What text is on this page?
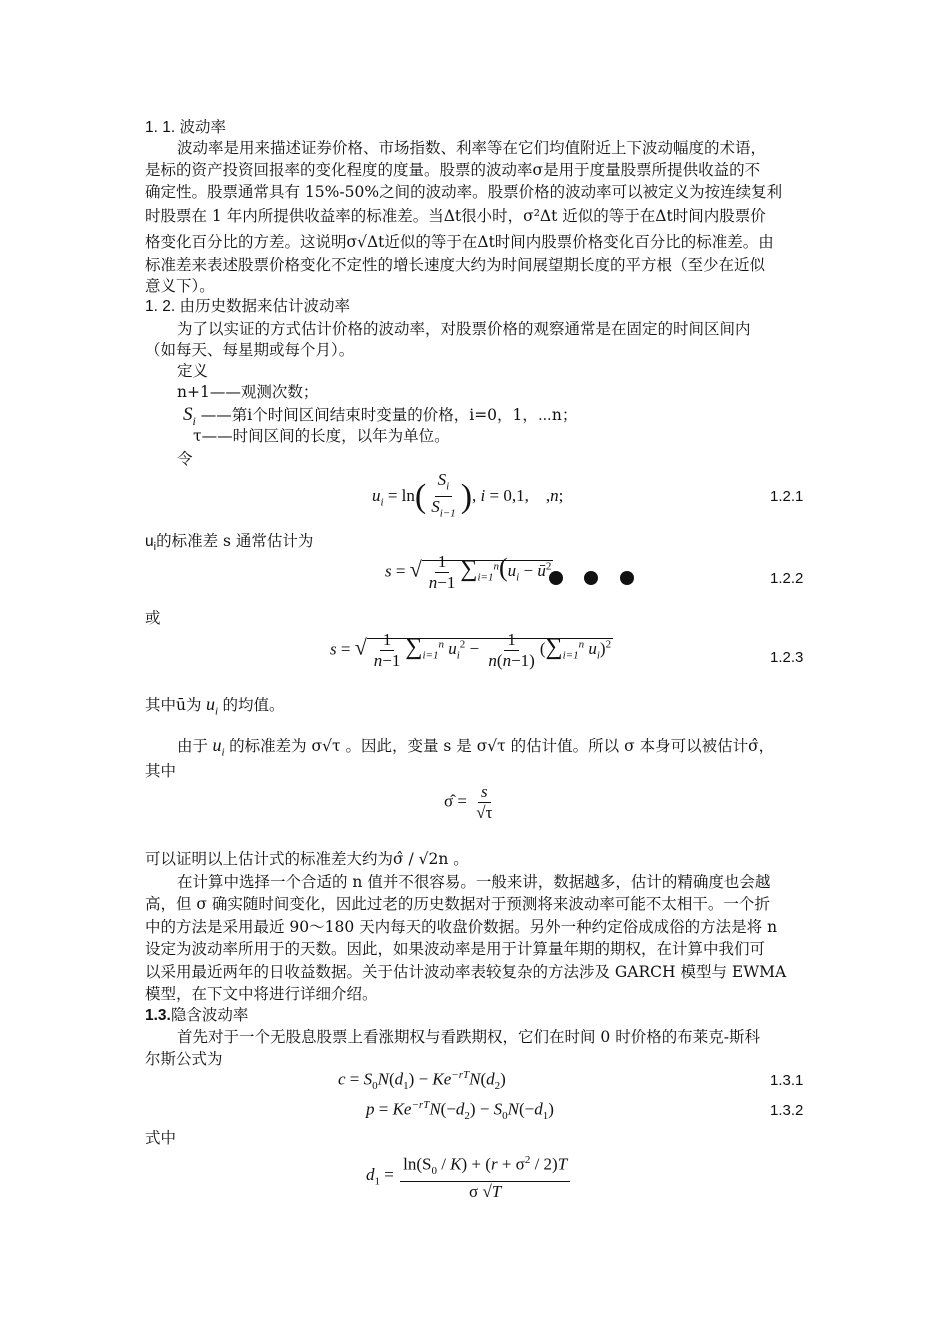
1. 1. 波动率
波动率是用来描述证券价格、市场指数、利率等在它们均值附近上下波动幅度的术语，
是标的资产投资回报率的变化程度的度量。股票的波动率σ是用于度量股票所提供收益的不
确定性。股票通常具有 15%-50%之间的波动率。股票价格的波动率可以被定义为按连续复利
时股票在 1 年内所提供收益率的标准差。当Δt很小时，σ²Δt 近似的等于在Δt时间内股票价
格变化百分比的方差。这说明σ√Δt近似的等于在Δt时间内股票价格变化百分比的标准差。由
标准差来表述股票价格变化不定性的增长速度大约为时间展望期长度的平方根（至少在近似
意义下）。
1. 2. 由历史数据来估计波动率
为了以实证的方式估计价格的波动率，对股票价格的观察通常是在固定的时间区间内
（如每天、每星期或每个月）。
定义
n+1——观测次数；
$S_i$ ——第i个时间区间结束时变量的价格，i=0，1，⋯n；
τ——时间区间的长度，以年为单位。
令
$u_i = \ln( \frac{S_i}{S_{i-1}}$ ), i = 0,1,    ,n;	1.2.1
$u_i$的标准差 s 通常估计为
s = √ $\frac{1}{n-1} \sum_{i=1}^n(u_i$ − $ū^2$
1.2.2
或
s = √ $\frac{1}{n-1} \sum_{i=1}^n$ $u_i^2 - \frac{1}{n(n-1)} (\sum_{i=1}^n$ $u_i)^2$
1.2.3
其中ū为 $u_i$ 的均值。
由于 $u_i$ 的标准差为 σ√τ 。因此，变量 s 是 σ√τ 的估计值。所以 σ 本身可以被估计σ̂，
其中
σ̂ = $\frac{s}{√\tau}$
可以证明以上估计式的标准差大约为σ̂ / √2n 。
在计算中选择一个合适的 n 值并不很容易。一般来讲，数据越多，估计的精确度也会越
高，但 σ 确实随时间变化，因此过老的历史数据对于预测将来波动率可能不太相干。一个折
中的方法是采用最近 90～180 天内每天的收盘价数据。另外一种约定俗成成俗的方法是将 n
设定为波动率所用于的天数。因此，如果波动率是用于计算量年期的期权，在计算中我们可
以采用最近两年的日收益数据。关于估计波动率表较复杂的方法涉及 GARCH 模型与 EWMA
模型，在下文中将进行详细介绍。
1.3.隐含波动率
首先对于一个无股息股票上看涨期权与看跌期权，它们在时间 0 时价格的布莱克-斯科
尔斯公式为
$c = S_0N(d_1) - Ke^{-rT}N(d_2)$	1.3.1
$p = Ke^{-rT}N(-d_2) - S_0N(-d_1)$	1.3.2
式中
$d_1 = \frac{\ln(S_0 / K) + (r + \sigma^2 / 2)T}{\sigma √T}$
